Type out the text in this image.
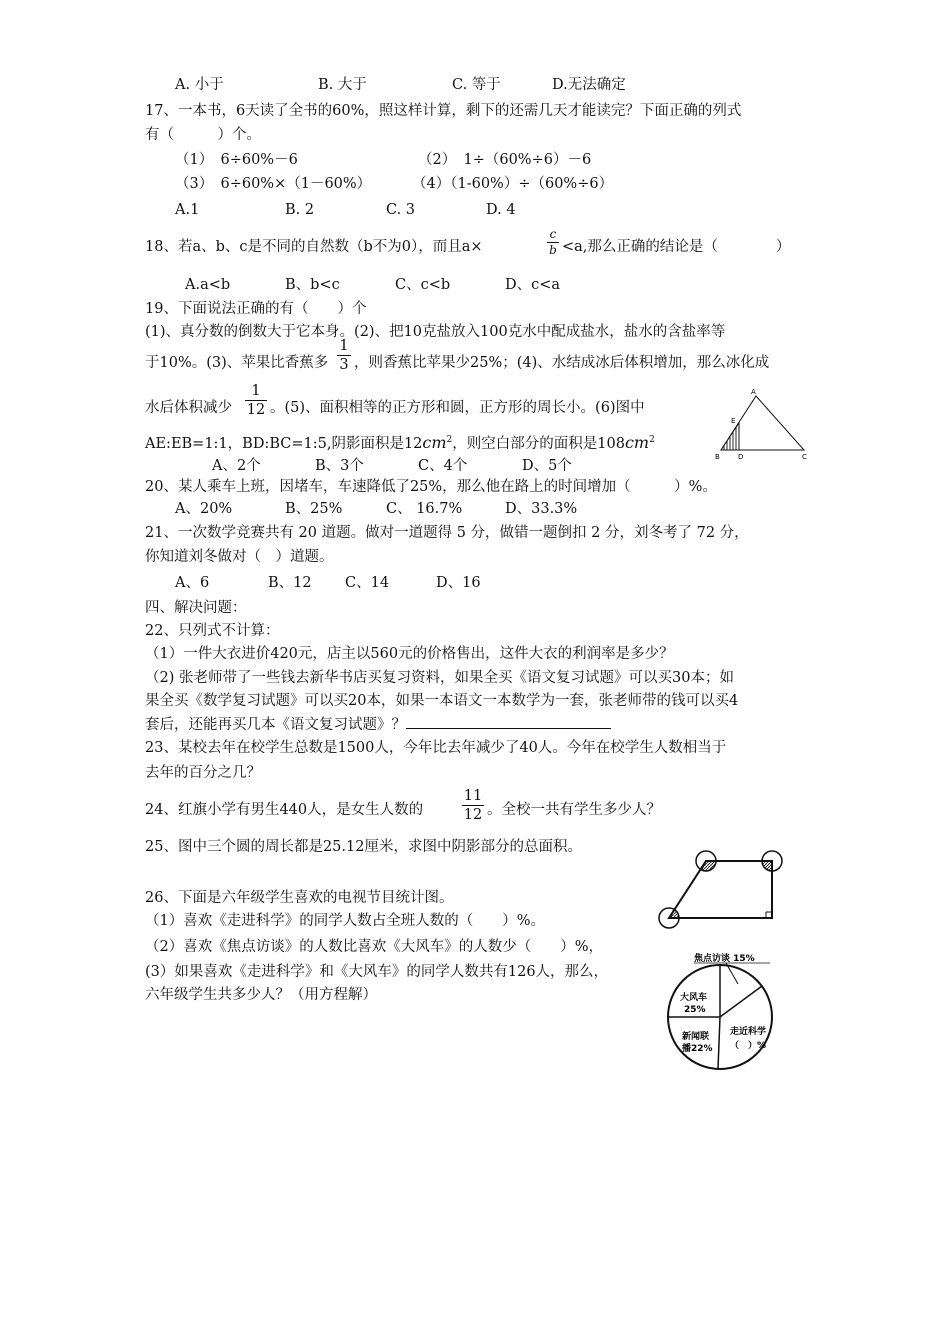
A. 小于	B. 大于	C. 等于	D.无法确定
17、一本书，6天读了全书的60%，照这样计算，剩下的还需几天才能读完？下面正确的列式
有（　　　）个。
（1）　6÷60%－6	（2）　1÷（60%÷6）－6
（3）　6÷60%×（1－60%）	（4）（1-60%）÷（60%÷6）
A.1	B. 2	C. 3	D. 4
18、若a、b、c是不同的自然数（b不为0），而且a×
c
b <a,那么正确的结论是（　　　　）
A.a<b	B、b<c	C、c<b	D、c<a
19、下面说法正确的有（　　）个
(1)、真分数的倒数大于它本身。(2)、把10克盐放入100克水中配成盐水，盐水的含盐率等
于10%。(3)、苹果比香蕉多
1
3 ，则香蕉比苹果少25%；(4)、水结成冰后体积增加，那么冰化成
水后体积减少
1
12 。(5)、面积相等的正方形和圆，正方形的周长小。(6)图中
AE:EB=1:1，BD:BC=1:5,阴影面积是$12cm^2$，则空白部分的面积是$108cm^2$
A、2个	B、3个	C、4个	D、5个
A
E
B	D	C
20、某人乘车上班，因堵车，车速降低了25%，那么他在路上的时间增加（　　　）%。
A、20%	B、25%	C、 16.7%	D、33.3%
21、一次数学竞赛共有 20 道题。做对一道题得 5 分，做错一题倒扣 2 分，刘冬考了 72 分，
你知道刘冬做对（　）道题。
A、6	B、12 C、14	D、16
四、解决问题：
22、只列式不计算：
（1）一件大衣进价420元，店主以560元的价格售出，这件大衣的利润率是多少？
（2) 张老师带了一些钱去新华书店买复习资料，如果全买《语文复习试题》可以买30本；如
果全买《数学复习试题》可以买20本，如果一本语文一本数学为一套，张老师带的钱可以买4
套后，还能再买几本《语文复习试题》？
23、某校去年在校学生总数是1500人，今年比去年减少了40人。今年在校学生人数相当于
去年的百分之几？
24、红旗小学有男生440人，是女生人数的
11
12 。全校一共有学生多少人？
25、图中三个圆的周长都是25.12厘米，求图中阴影部分的总面积。
26、下面是六年级学生喜欢的电视节目统计图。
（1）喜欢《走进科学》的同学人数占全班人数的（　　）%。
（2）喜欢《焦点访谈》的人数比喜欢《大风车》的人数少（　　）%，
(3）如果喜欢《走进科学》和《大风车》的同学人数共有126人，那么，
六年级学生共多少人？（用方程解）
焦点访谈 15%
大风车
25%
新闻联
播22%
走近科学
（　）%
